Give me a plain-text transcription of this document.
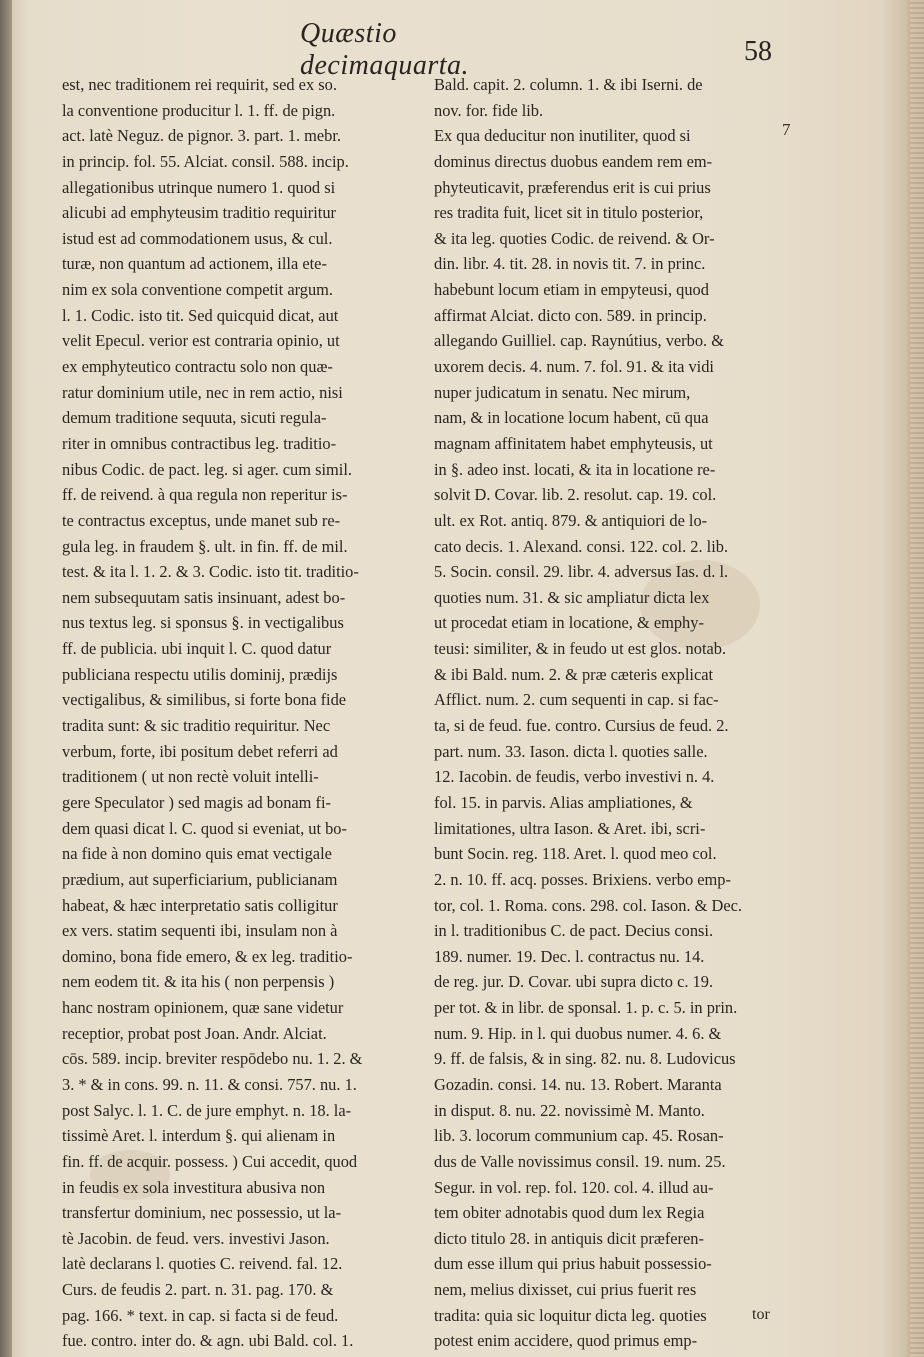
Quæstio decimaquarta.	58
est, nec traditionem rei requirit, sed ex so.
la conventione producitur l. 1. ff. de pign.
act. latè Neguz. de pignor. 3. part. 1. mebr.
in princip. fol. 55. Alciat. consil. 588. incip.
allegationibus utrinque numero 1. quod si
alicubi ad emphyteusim traditio requiritur
istud est ad commodationem usus, & cul.
turæ, non quantum ad actionem, illa ete-
nim ex sola conventione competit argum.
l. 1. Codic. isto tit. Sed quicquid dicat, aut
velit Epecul. verior est contraria opinio, ut
ex emphyteutico contractu solo non quæ-
ratur dominium utile, nec in rem actio, nisi
demum traditione sequuta, sicuti regula-
riter in omnibus contractibus leg. traditio-
nibus Codic. de pact. leg. si ager. cum simil.
ff. de reivend. à qua regula non reperitur is-
te contractus exceptus, unde manet sub re-
gula leg. in fraudem §. ult. in fin. ff. de mil.
test. & ita l. 1. 2. & 3. Codic. isto tit. traditio-
nem subsequutam satis insinuant, adest bo-
nus textus leg. si sponsus §. in vectigalibus
ff. de publicia. ubi inquit l. C. quod datur
publiciana respectu utilis dominij, prædijs
vectigalibus, & similibus, si forte bona fide
tradita sunt: & sic traditio requiritur. Nec
verbum, forte, ibi positum debet referri ad
traditionem ( ut non rectè voluit intelli-
gere Speculator ) sed magis ad bonam fi-
dem quasi dicat l. C. quod si eveniat, ut bo-
na fide à non domino quis emat vectigale
prædium, aut superficiarium, publicianam
habeat, & hæc interpretatio satis colligitur
ex vers. statim sequenti ibi, insulam non à
domino, bona fide emero, & ex leg. traditio-
nem eodem tit. & ita his ( non perpensis )
hanc nostram opinionem, quæ sane videtur
receptior, probat post Joan. Andr. Alciat.
cōs. 589. incip. breviter respōdebo nu. 1. 2. &
3. * & in cons. 99. n. 11. & consi. 757. nu. 1.
post Salyc. l. 1. C. de jure emphyt. n. 18. la-
tissimè Aret. l. interdum §. qui alienam in
fin. ff. de acquir. possess. ) Cui accedit, quod
in feudis ex sola investitura abusiva non
transfertur dominium, nec possessio, ut la-
tè Jacobin. de feud. vers. investivi Jason.
latè declarans l. quoties C. reivend. fal. 12.
Curs. de feudis 2. part. n. 31. pag. 170. &
pag. 166. * text. in cap. si facta si de feud.
fue. contro. inter do. & agn. ubi Bald. col. 1.
Bald. capit. 2. column. 1. & ibi Iserni. de
nov. for. fide lib.
Ex qua deducitur non inutiliter, quod si
dominus directus duobus eandem rem em-
phyteuticavit, præferendus erit is cui prius
res tradita fuit, licet sit in titulo posterior,
& ita leg. quoties Codic. de reivend. & Or-
din. libr. 4. tit. 28. in novis tit. 7. in princ.
habebunt locum etiam in empyteusi, quod
affirmat Alciat. dicto con. 589. in princip.
allegando Guilliel. cap. Raynútius, verbo. &
uxorem decis. 4. num. 7. fol. 91. & ita vidi
nuper judicatum in senatu. Nec mirum,
nam, & in locatione locum habent, cū qua
magnam affinitatem habet emphyteusis, ut
in §. adeo inst. locati, & ita in locatione re-
solvit D. Covar. lib. 2. resolut. cap. 19. col.
ult. ex Rot. antiq. 879. & antiquiori de lo-
cato decis. 1. Alexand. consi. 122. col. 2. lib.
5. Socin. consil. 29. libr. 4. adversus Ias. d. l.
quoties num. 31. & sic ampliatur dicta lex
ut procedat etiam in locatione, & emphy-
teusi: similiter, & in feudo ut est glos. notab.
& ibi Bald. num. 2. & præ cæteris explicat
Afflict. num. 2. cum sequenti in cap. si fac-
ta, si de feud. fue. contro. Cursius de feud. 2.
part. num. 33. Iason. dicta l. quoties salle.
12. Iacobin. de feudis, verbo investivi n. 4.
fol. 15. in parvis. Alias ampliationes, &
limitationes, ultra Iason. & Aret. ibi, scri-
bunt Socin. reg. 118. Aret. l. quod meo col.
2. n. 10. ff. acq. posses. Brixiens. verbo emp-
tor, col. 1. Roma. cons. 298. col. Iason. & Dec.
in l. traditionibus C. de pact. Decius consi.
189. numer. 19. Dec. l. contractus nu. 14.
de reg. jur. D. Covar. ubi supra dicto c. 19.
per tot. & in libr. de sponsal. 1. p. c. 5. in prin.
num. 9. Hip. in l. qui duobus numer. 4. 6. &
9. ff. de falsis, & in sing. 82. nu. 8. Ludovicus
Gozadin. consi. 14. nu. 13. Robert. Maranta
in disput. 8. nu. 22. novissimè M. Manto.
lib. 3. locorum communium cap. 45. Rosan-
dus de Valle novissimus consil. 19. num. 25.
Segur. in vol. rep. fol. 120. col. 4. illud au-
tem obiter adnotabis quod dum lex Regia
dicto titulo 28. in antiquis dicit præferen-
dum esse illum qui prius habuit possessio-
nem, melius dixisset, cui prius fuerit res
tradita: quia sic loquitur dicta leg. quoties
potest enim accidere, quod primus emp-
7
tor
